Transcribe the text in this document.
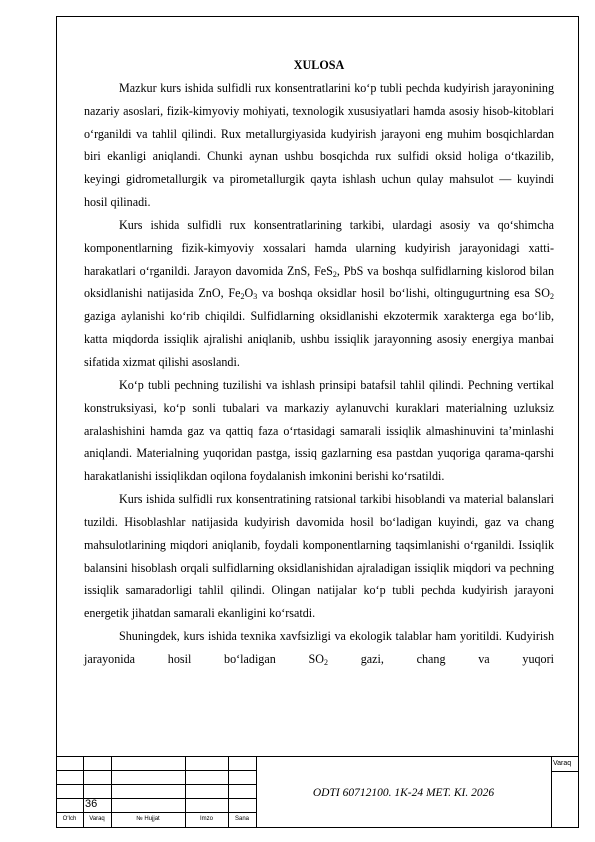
XULOSA

Mazkur kurs ishida sulfidli rux konsentratlarini ko‘p tubli pechda kudyirish jarayonining nazariy asoslari, fizik-kimyoviy mohiyati, texnologik xususiyatlari hamda asosiy hisob-kitoblari o‘rganildi va tahlil qilindi. Rux metallurgiyasida kudyirish jarayoni eng muhim bosqichlardan biri ekanligi aniqlandi. Chunki aynan ushbu bosqichda rux sulfidi oksid holiga o‘tkazilib, keyingi gidrometallurgik va pirometallurgik qayta ishlash uchun qulay mahsulot — kuyindi hosil qilinadi.

Kurs ishida sulfidli rux konsentratlarining tarkibi, ulardagi asosiy va qo‘shimcha komponentlarning fizik-kimyoviy xossalari hamda ularning kudyirish jarayonidagi xatti-harakatlari o‘rganildi. Jarayon davomida ZnS, FeS$_2$, PbS va boshqa sulfidlarning kislorod bilan oksidlanishi natijasida ZnO, $Fe_2O_3$ va boshqa oksidlar hosil bo‘lishi, oltingugurtning esa $SO_2$ gaziga aylanishi ko‘rib chiqildi. Sulfidlarning oksidlanishi ekzotermik xarakterga ega bo‘lib, katta miqdorda issiqlik ajralishi aniqlanib, ushbu issiqlik jarayonning asosiy energiya manbai sifatida xizmat qilishi asoslandi.

Ko‘p tubli pechning tuzilishi va ishlash prinsipi batafsil tahlil qilindi. Pechning vertikal konstruksiyasi, ko‘p sonli tubalari va markaziy aylanuvchi kuraklari materialning uzluksiz aralashishini hamda gaz va qattiq faza o‘rtasidagi samarali issiqlik almashinuvini ta’minlashi aniqlandi. Materialning yuqoridan pastga, issiq gazlarning esa pastdan yuqoriga qarama-qarshi harakatlanishi issiqlikdan oqilona foydalanish imkonini berishi ko‘rsatildi.

Kurs ishida sulfidli rux konsentratining ratsional tarkibi hisoblandi va material balanslari tuzildi. Hisoblashlar natijasida kudyirish davomida hosil bo‘ladigan kuyindi, gaz va chang mahsulotlarining miqdori aniqlanib, foydali komponentlarning taqsimlanishi o‘rganildi. Issiqlik balansini hisoblash orqali sulfidlarning oksidlanishidan ajraladigan issiqlik miqdori va pechning issiqlik samaradorligi tahlil qilindi. Olingan natijalar ko‘p tubli pechda kudyirish jarayoni energetik jihatdan samarali ekanligini ko‘rsatdi.

Shuningdek, kurs ishida texnika xavfsizligi va ekologik talablar ham yoritildi. Kudyirish jarayonida hosil bo‘ladigan $SO_2$ gazi, chang va yuqori

36
ODTI 60712100. 1K-24 MET. KI. 2026
Varaq
O‘lch	Varaq	№ Hujjat	Imzo	Sana
